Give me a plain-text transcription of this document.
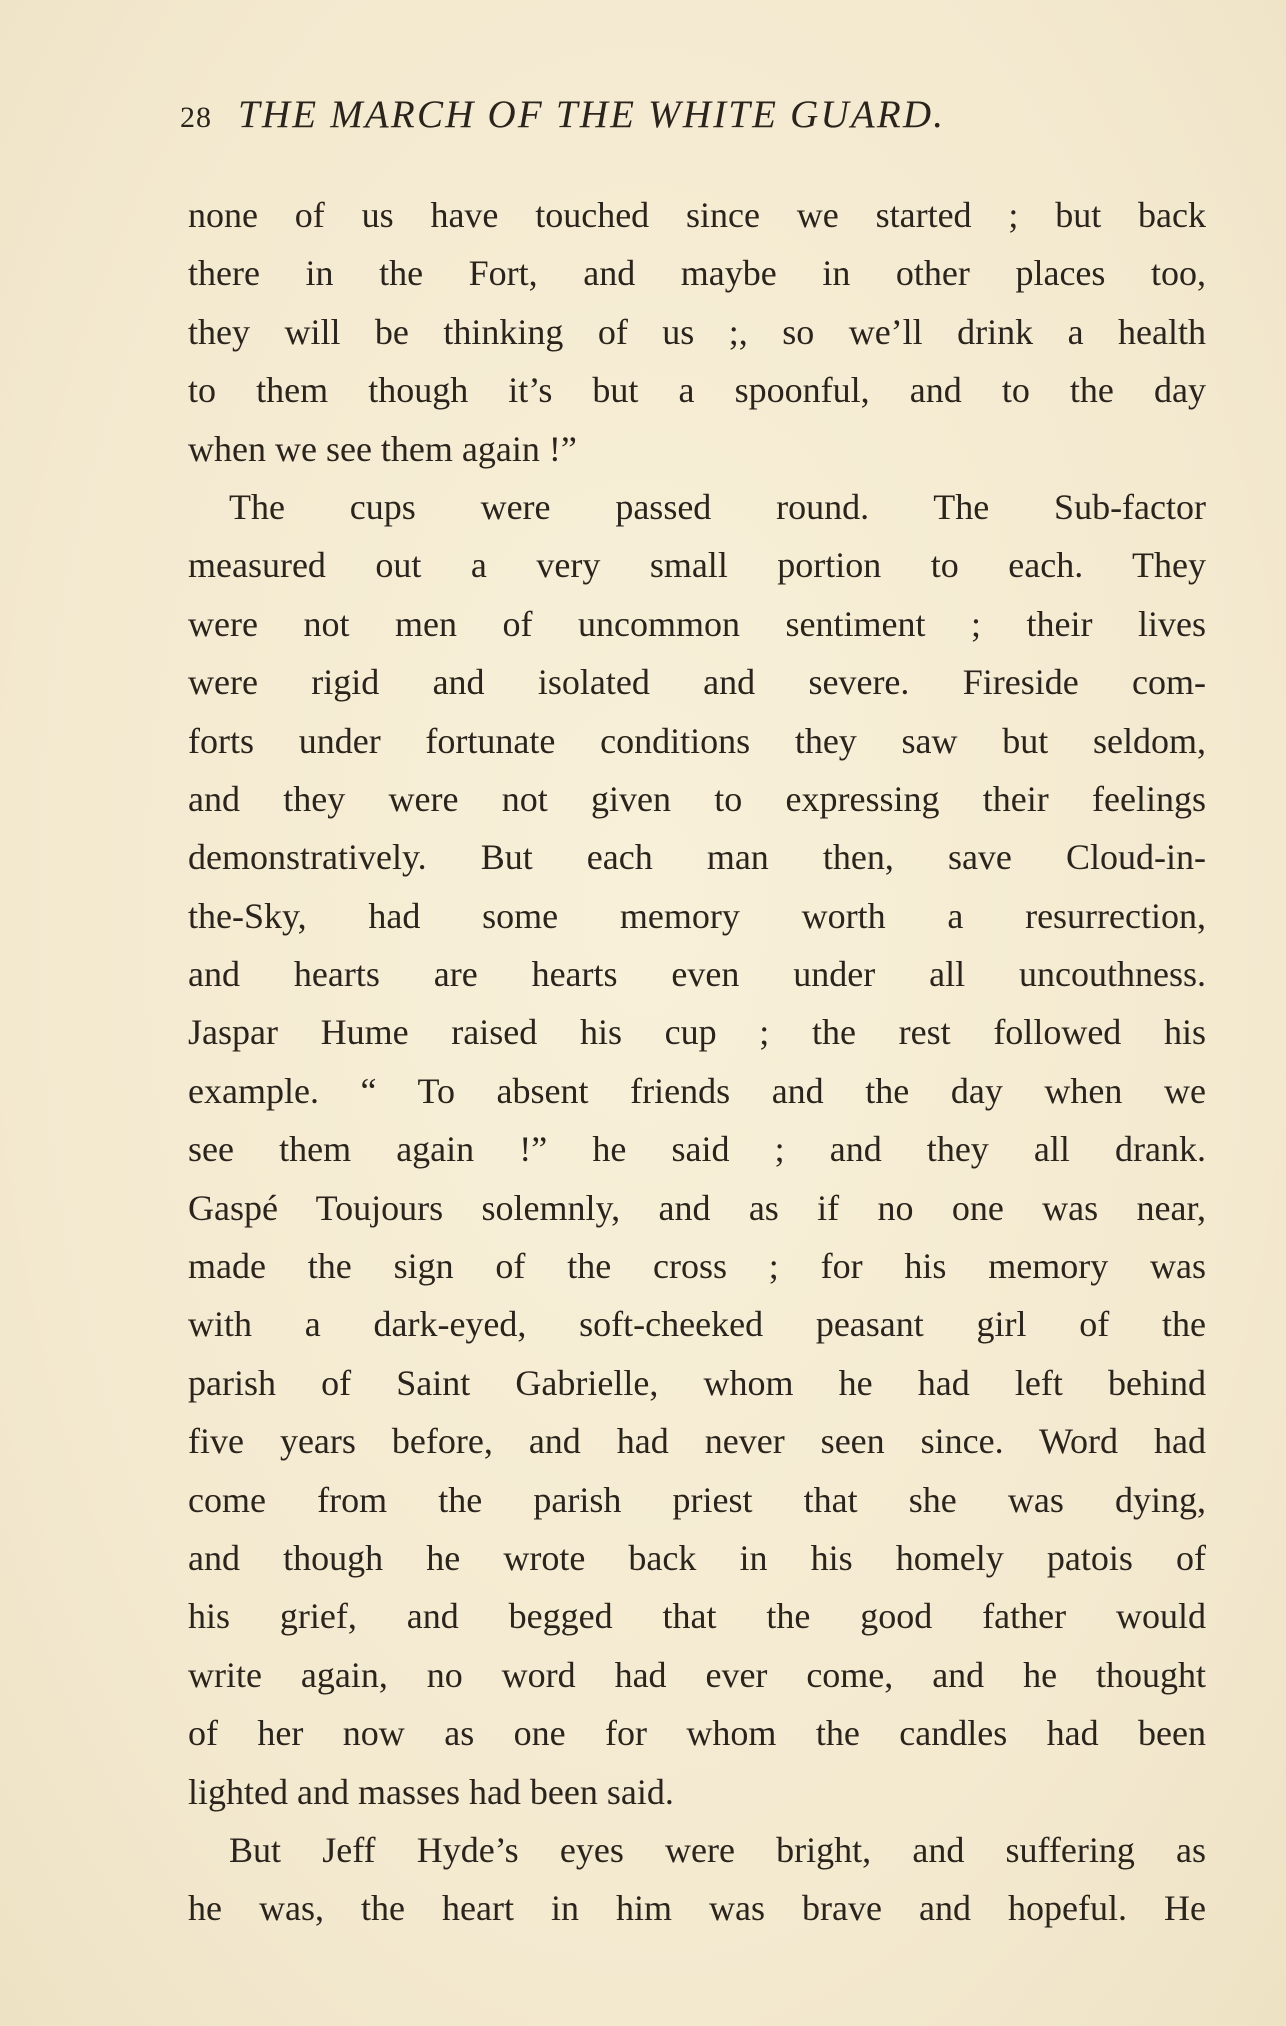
28 THE MARCH OF THE WHITE GUARD.
none of us have touched since we started ; but back
there in the Fort, and maybe in other places too,
they will be thinking of us ;, so we’ll drink a health
to them though it’s but a spoonful, and to the day
when we see them again !”
The cups were passed round. The Sub-factor
measured out a very small portion to each. They
were not men of uncommon sentiment ; their lives
were rigid and isolated and severe. Fireside com-
forts under fortunate conditions they saw but seldom,
and they were not given to expressing their feelings
demonstratively. But each man then, save Cloud-in-
the-Sky, had some memory worth a resurrection,
and hearts are hearts even under all uncouthness.
Jaspar Hume raised his cup ; the rest followed his
example. “ To absent friends and the day when we
see them again !” he said ; and they all drank.
Gaspé Toujours solemnly, and as if no one was near,
made the sign of the cross ; for his memory was
with a dark-eyed, soft-cheeked peasant girl of the
parish of Saint Gabrielle, whom he had left behind
five years before, and had never seen since. Word had
come from the parish priest that she was dying,
and though he wrote back in his homely patois of
his grief, and begged that the good father would
write again, no word had ever come, and he thought
of her now as one for whom the candles had been
lighted and masses had been said.
But Jeff Hyde’s eyes were bright, and suffering as
he was, the heart in him was brave and hopeful. He
